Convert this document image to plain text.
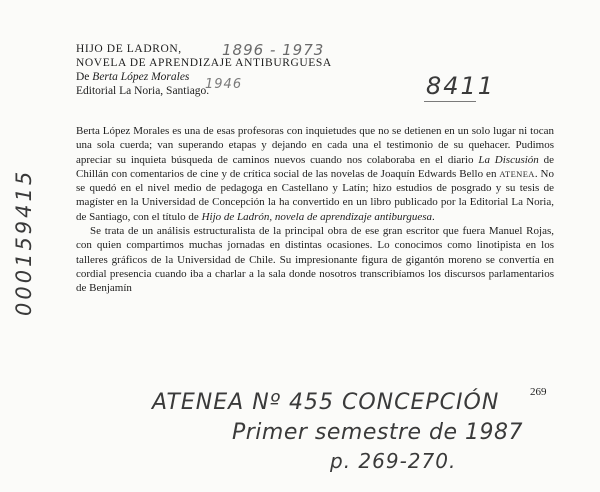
HIJO DE LADRON,
NOVELA DE APRENDIZAJE ANTIBURGUESA
De Berta López Morales
Editorial La Noria, Santiago.
1896 - 1973
1946	8411
000159415

Berta López Morales es una de esas profesoras con inquietudes que no se detienen en un solo lugar ni tocan una sola cuerda; van superando etapas y dejando en cada una el testimonio de su quehacer. Pudimos apreciar su inquieta búsqueda de caminos nuevos cuando nos colaboraba en el diario La Discusión de Chillán con comentarios de cine y de crítica social de las novelas de Joaquín Edwards Bello en ATENEA. No se quedó en el nivel medio de pedagoga en Castellano y Latín; hizo estudios de posgrado y su tesis de magíster en la Universidad de Concepción la ha convertido en un libro publicado por la Editorial La Noria, de Santiago, con el título de Hijo de Ladrón, novela de aprendizaje antiburguesa.

Se trata de un análisis estructuralista de la principal obra de ese gran escritor que fuera Manuel Rojas, con quien compartimos muchas jornadas en distintas ocasiones. Lo conocimos como linotipista en los talleres gráficos de la Universidad de Chile. Su impresionante figura de gigantón moreno se convertía en cordial presencia cuando iba a charlar a la sala donde nosotros transcribíamos los discursos parlamentarios de Benjamín

269
ATENEA Nº 455 CONCEPCIÓN
Primer semestre de 1987
p. 269-270.
